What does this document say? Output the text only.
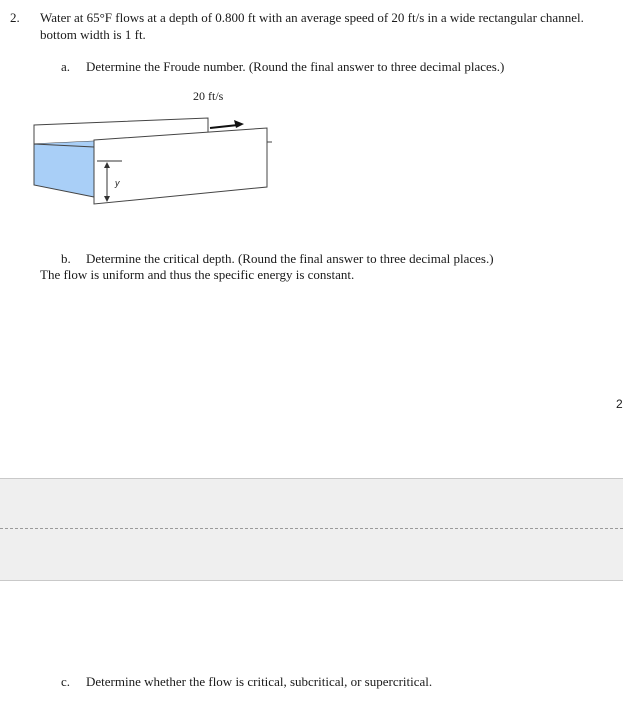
2. Water at 65°F flows at a depth of 0.800 ft with an average speed of 20 ft/s in a wide rectangular channel.
bottom width is 1 ft.
a. Determine the Froude number. (Round the final answer to three decimal places.)
20 ft/s
y
b. Determine the critical depth. (Round the final answer to three decimal places.)
The flow is uniform and thus the specific energy is constant.
2
c. Determine whether the flow is critical, subcritical, or supercritical.
